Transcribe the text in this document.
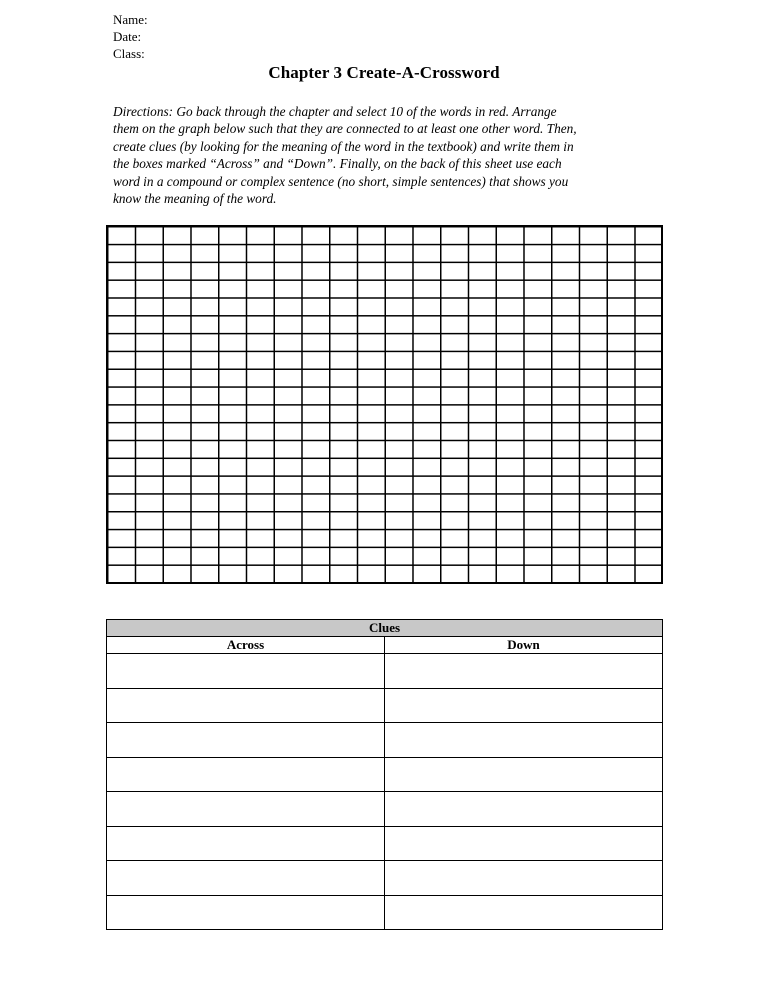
Name:
Date:
Class:
Chapter 3 Create-A-Crossword
Directions: Go back through the chapter and select 10 of the words in red. Arrange
them on the graph below such that they are connected to at least one other word. Then,
create clues (by looking for the meaning of the word in the textbook) and write them in
the boxes marked “Across” and “Down”. Finally, on the back of this sheet use each
word in a compound or complex sentence (no short, simple sentences) that shows you
know the meaning of the word.
Clues	
Across	Down
